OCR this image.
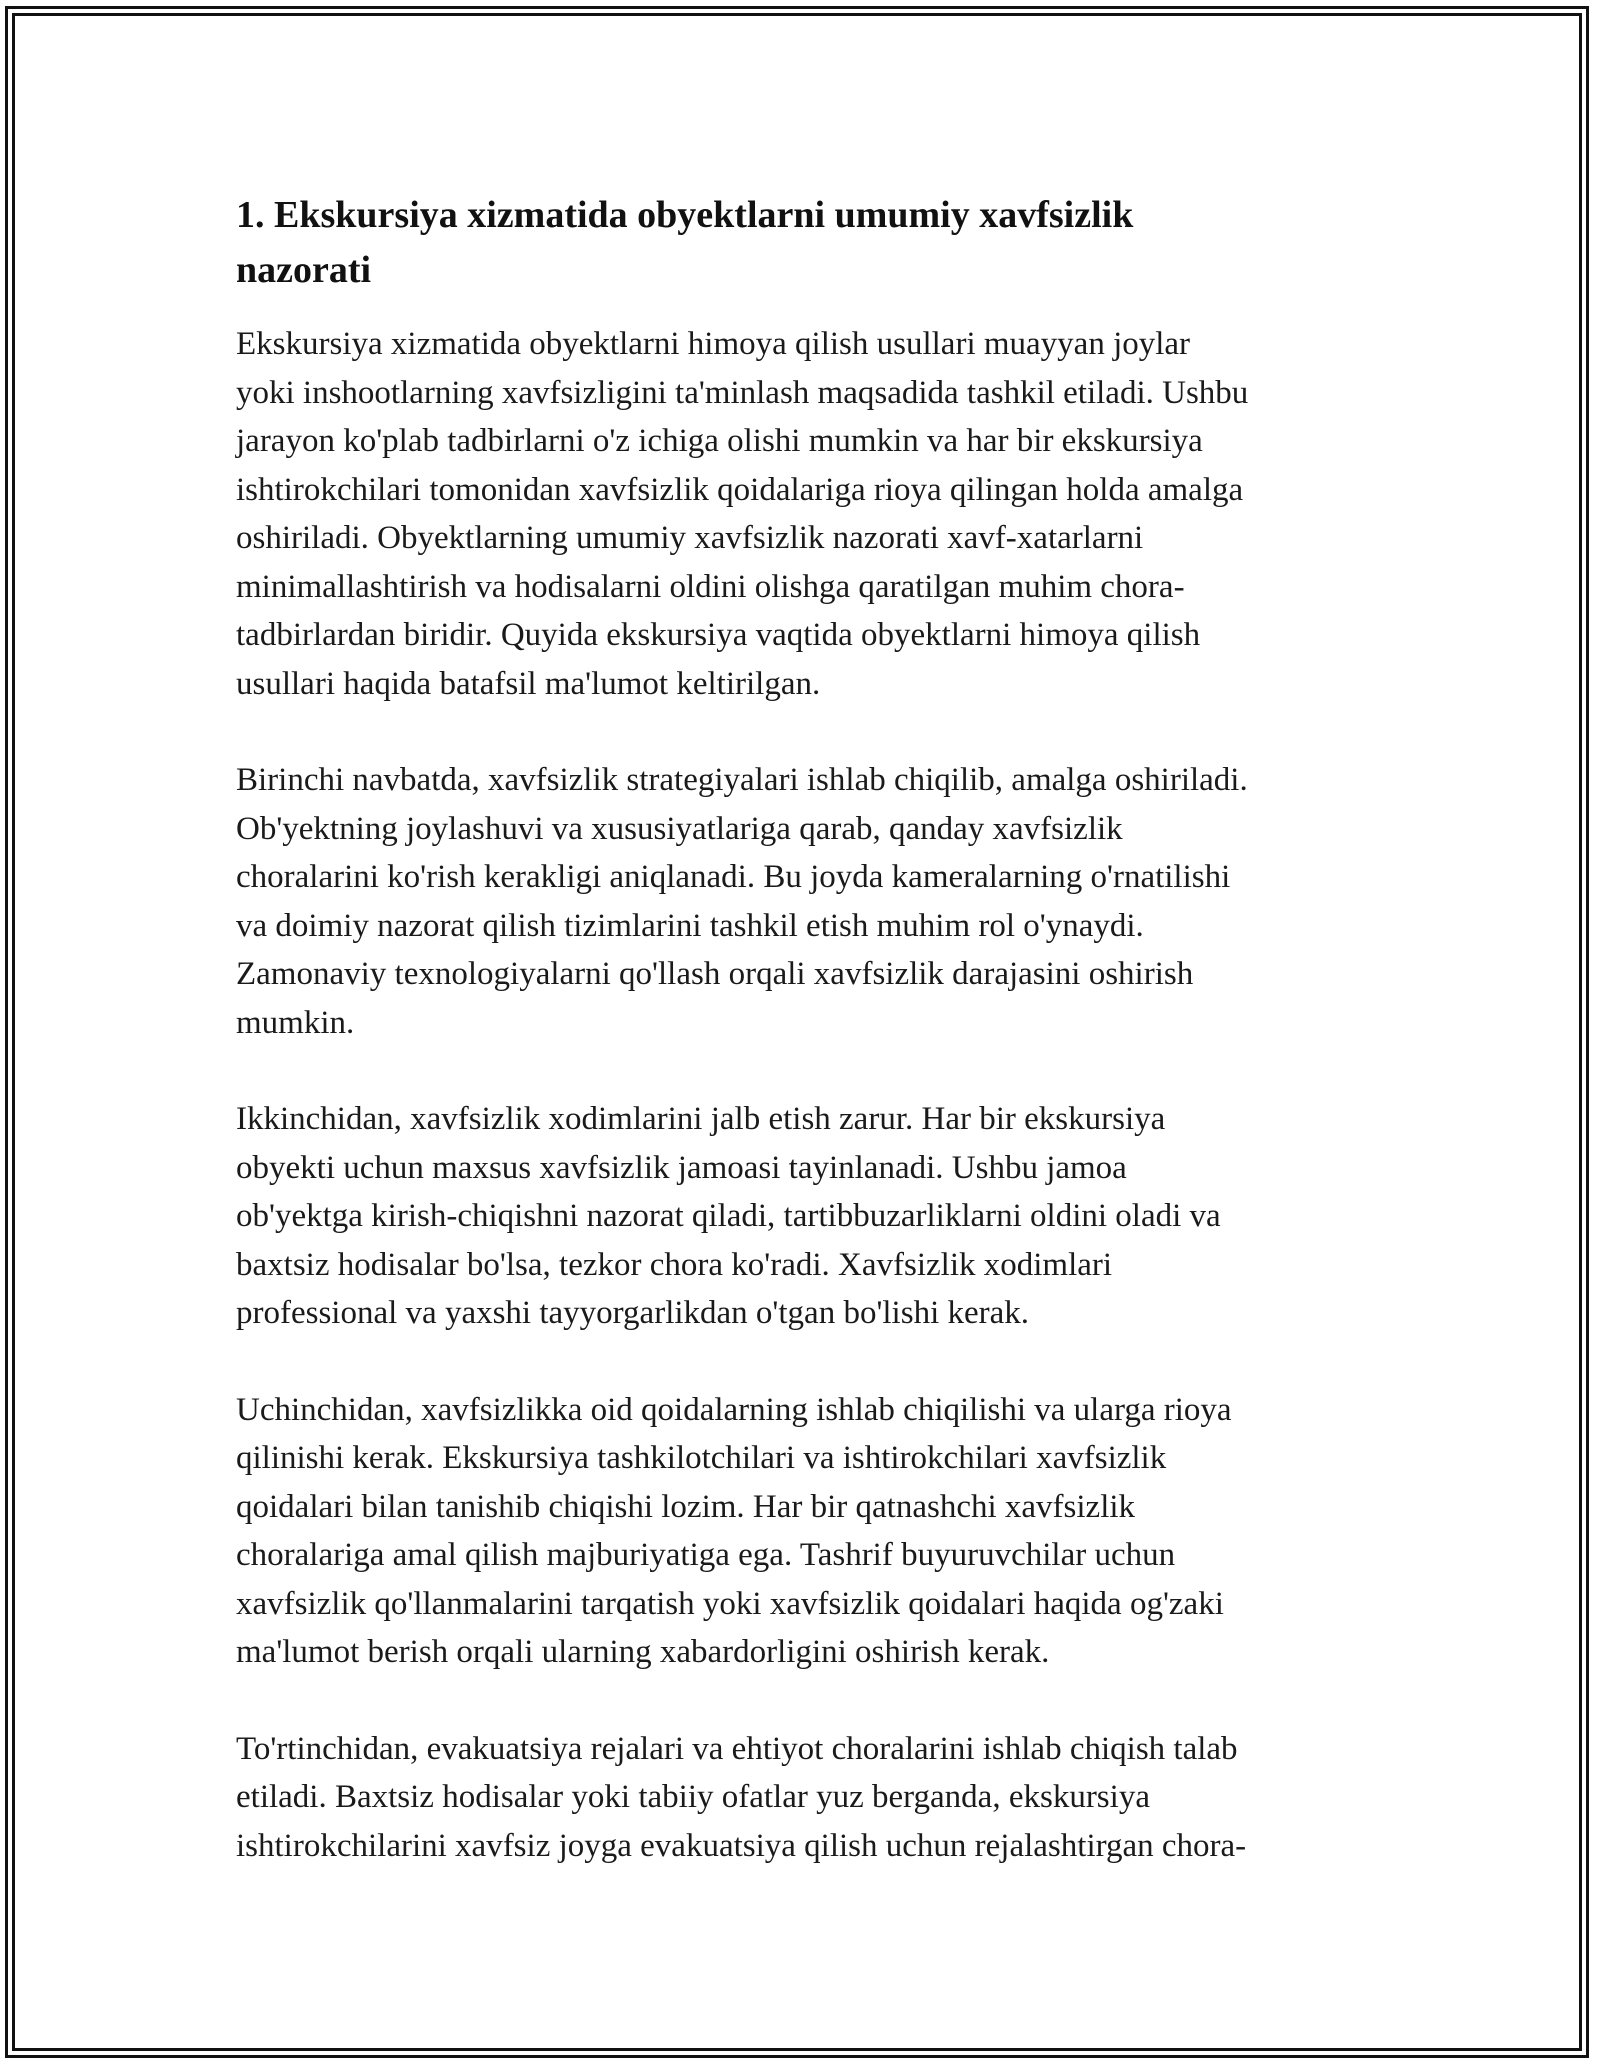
1. Ekskursiya xizmatida obyektlarni umumiy xavfsizlik
nazorati

Ekskursiya xizmatida obyektlarni himoya qilish usullari muayyan joylar
yoki inshootlarning xavfsizligini ta'minlash maqsadida tashkil etiladi. Ushbu
jarayon ko'plab tadbirlarni o'z ichiga olishi mumkin va har bir ekskursiya
ishtirokchilari tomonidan xavfsizlik qoidalariga rioya qilingan holda amalga
oshiriladi. Obyektlarning umumiy xavfsizlik nazorati xavf-xatarlarni
minimallashtirish va hodisalarni oldini olishga qaratilgan muhim chora-
tadbirlardan biridir. Quyida ekskursiya vaqtida obyektlarni himoya qilish
usullari haqida batafsil ma'lumot keltirilgan.

Birinchi navbatda, xavfsizlik strategiyalari ishlab chiqilib, amalga oshiriladi.
Ob'yektning joylashuvi va xususiyatlariga qarab, qanday xavfsizlik
choralarini ko'rish kerakligi aniqlanadi. Bu joyda kameralarning o'rnatilishi
va doimiy nazorat qilish tizimlarini tashkil etish muhim rol o'ynaydi.
Zamonaviy texnologiyalarni qo'llash orqali xavfsizlik darajasini oshirish
mumkin.

Ikkinchidan, xavfsizlik xodimlarini jalb etish zarur. Har bir ekskursiya
obyekti uchun maxsus xavfsizlik jamoasi tayinlanadi. Ushbu jamoa
ob'yektga kirish-chiqishni nazorat qiladi, tartibbuzarliklarni oldini oladi va
baxtsiz hodisalar bo'lsa, tezkor chora ko'radi. Xavfsizlik xodimlari
professional va yaxshi tayyorgarlikdan o'tgan bo'lishi kerak.

Uchinchidan, xavfsizlikka oid qoidalarning ishlab chiqilishi va ularga rioya
qilinishi kerak. Ekskursiya tashkilotchilari va ishtirokchilari xavfsizlik
qoidalari bilan tanishib chiqishi lozim. Har bir qatnashchi xavfsizlik
choralariga amal qilish majburiyatiga ega. Tashrif buyuruvchilar uchun
xavfsizlik qo'llanmalarini tarqatish yoki xavfsizlik qoidalari haqida og'zaki
ma'lumot berish orqali ularning xabardorligini oshirish kerak.

To'rtinchidan, evakuatsiya rejalari va ehtiyot choralarini ishlab chiqish talab
etiladi. Baxtsiz hodisalar yoki tabiiy ofatlar yuz berganda, ekskursiya
ishtirokchilarini xavfsiz joyga evakuatsiya qilish uchun rejalashtirgan chora-
